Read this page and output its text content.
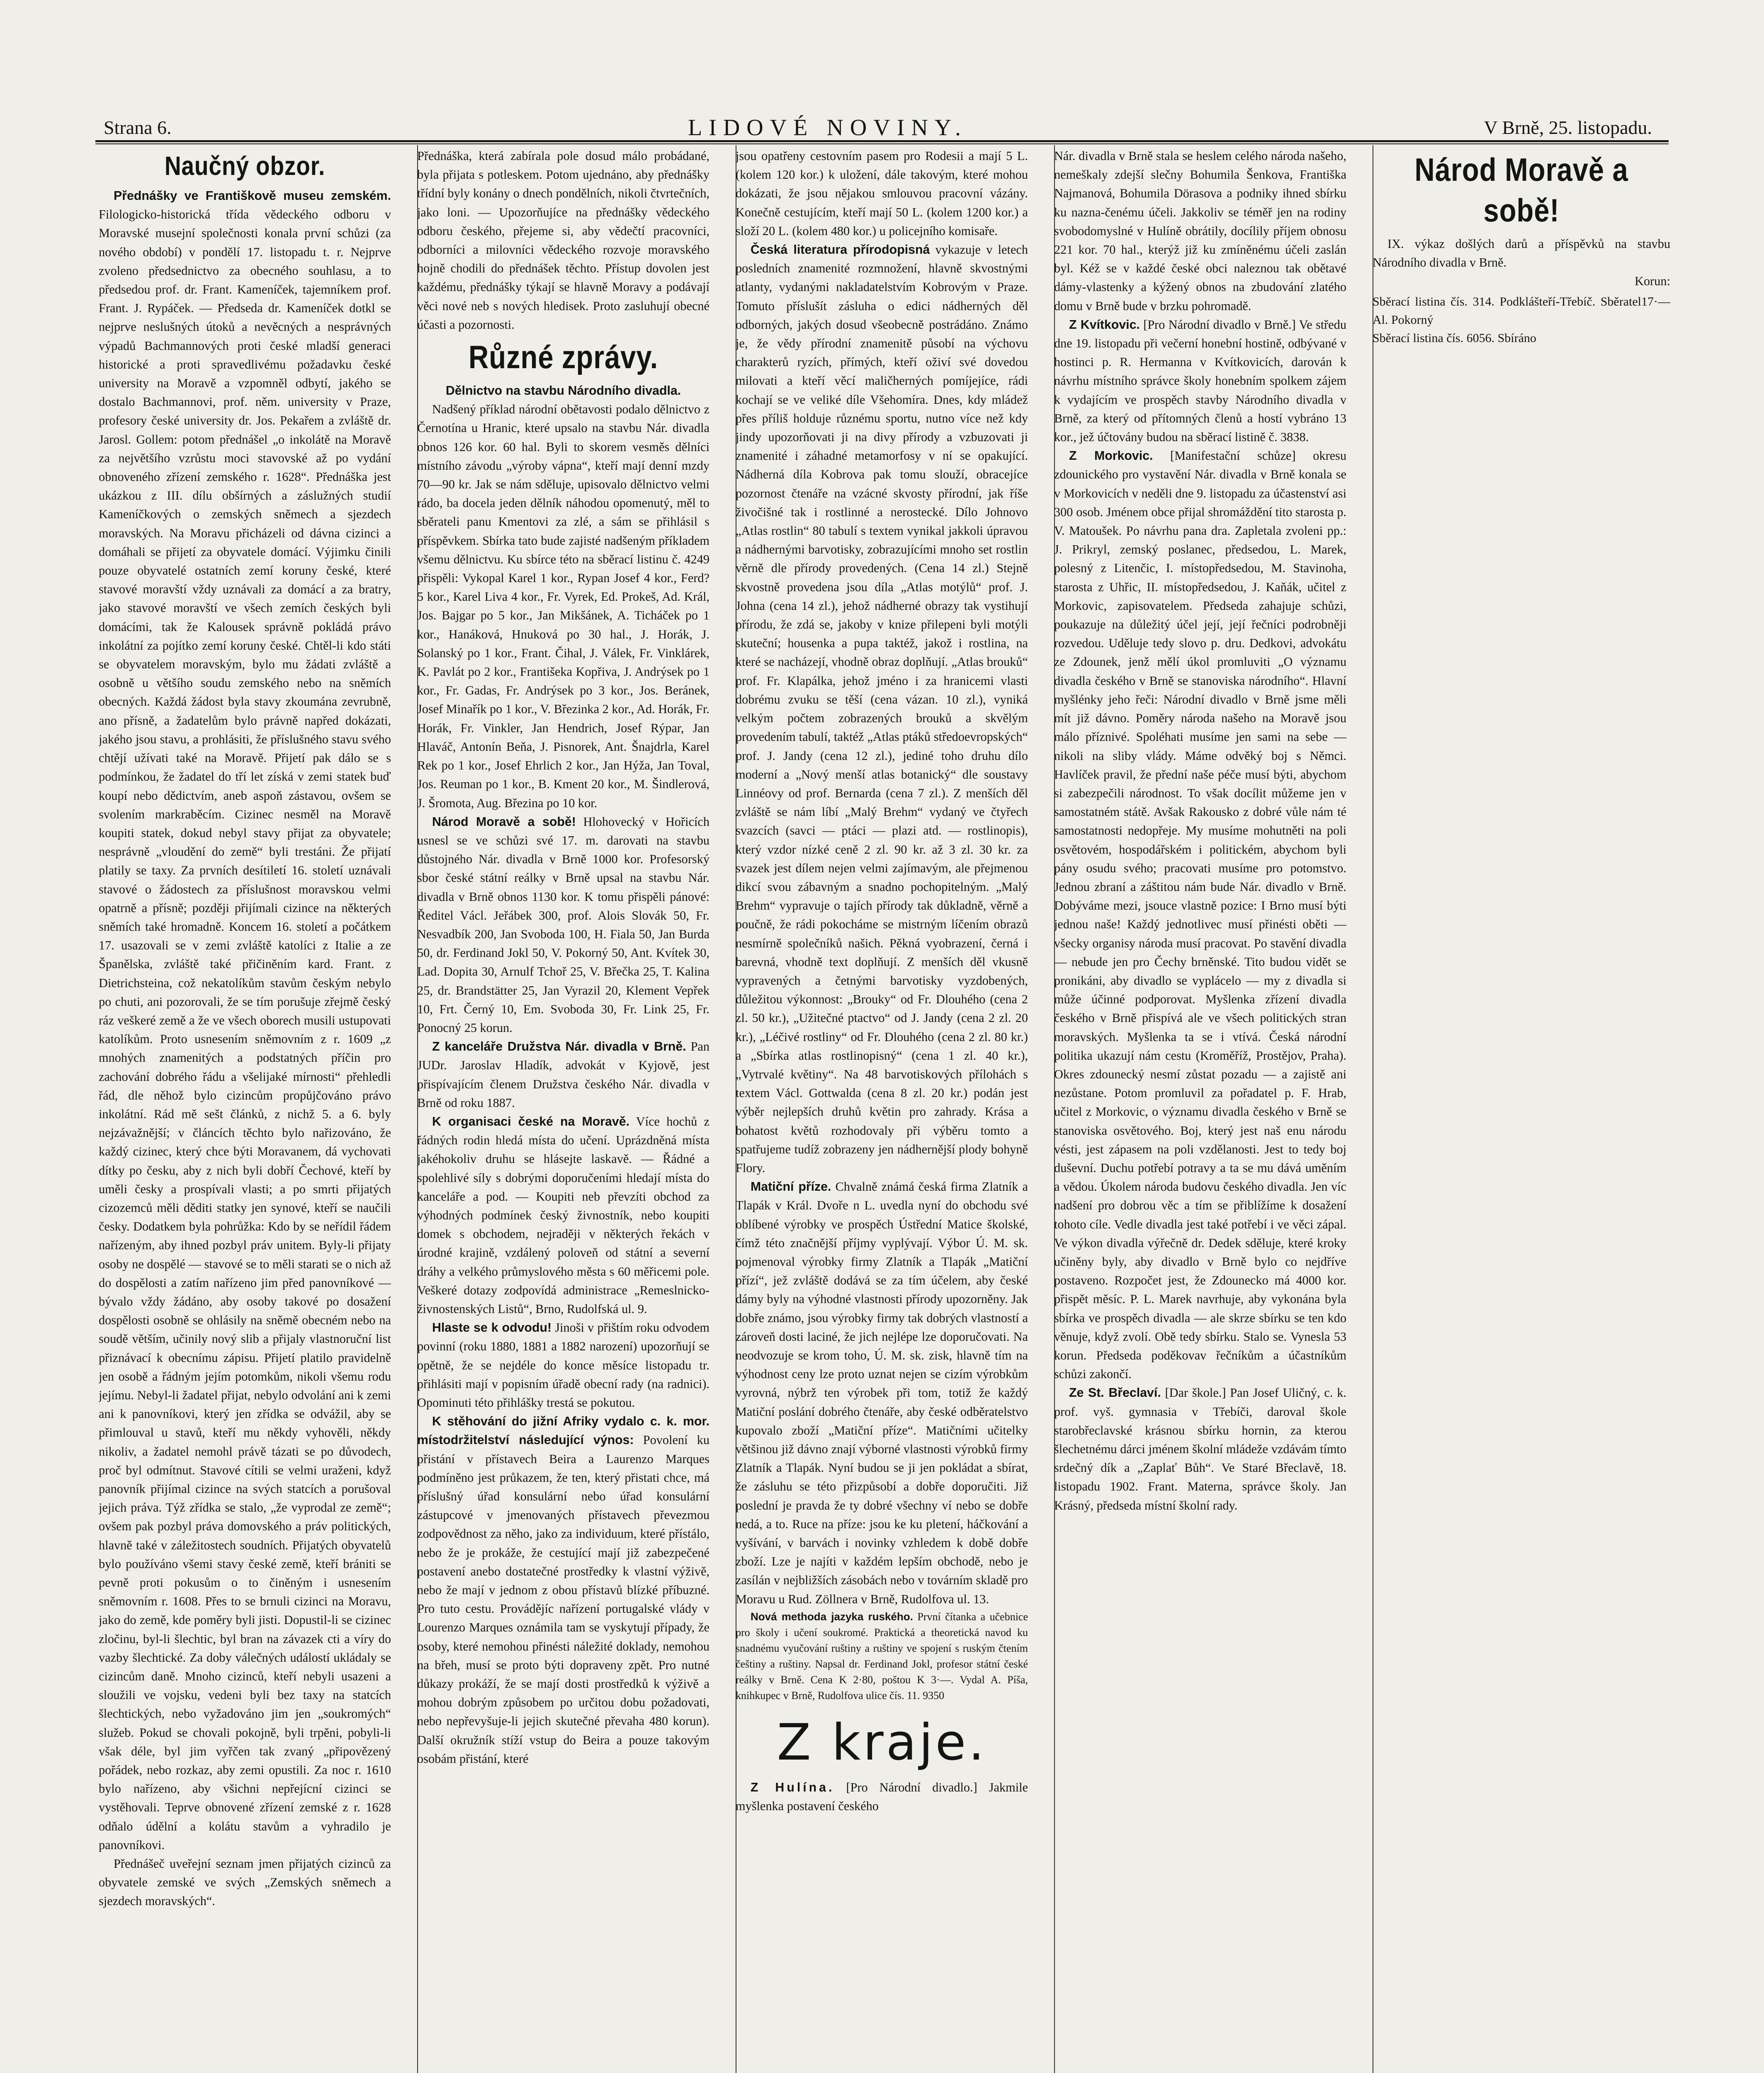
Strana 6.	LIDOVÉ NOVINY.	V Brně, 25. listopadu.
Naučný obzor.

Přednášky ve Františkově museu zemském. Filologicko-historická třída vědeckého odboru v Moravské musejní společnosti konala první schůzi (za nového období) v pondělí 17. listopadu t. r. Nejprve zvoleno předsednictvo za obecného souhlasu, a to předsedou prof. dr. Frant. Kameníček, tajemníkem prof. Frant. J. Rypáček. — Předseda dr. Kameníček dotkl se nejprve neslušných útoků a nevěcných a nesprávných výpadů Bachmannových proti české mladší generaci historické a proti spravedlivému požadavku české university na Moravě a vzpomněl odbytí, jakého se dostalo Bachmannovi, prof. něm. university v Praze, profesory české university dr. Jos. Pekařem a zvláště dr. Jarosl. Gollem: potom přednášel „o inkolátě na Moravě za největšího vzrůstu moci stavovské až po vydání obnoveného zřízení zemského r. 1628“. Přednáška jest ukázkou z III. dílu obšírných a záslužných studií Kameníčkových o zemských sněmech a sjezdech moravských. Na Moravu přicházeli od dávna cizinci a domáhali se přijetí za obyvatele domácí. Výjimku činili pouze obyvatelé ostatních zemí koruny české, které stavové moravští vždy uznávali za domácí a za bratry, jako stavové moravští ve všech zemích českých byli domácími, tak že Kalousek správně pokládá právo inkolátní za pojítko zemí koruny české. Chtěl-li kdo státi se obyvatelem moravským, bylo mu žádati zvláště a osobně u většího soudu zemského nebo na sněmích obecných. Každá žádost byla stavy zkoumána zevrubně, ano přísně, a žadatelům bylo právně napřed dokázati, jakého jsou stavu, a prohlásiti, že příslušného stavu svého chtějí užívati také na Moravě. Přijetí pak dálo se s podmínkou, že žadatel do tří let získá v zemi statek buď koupí nebo dědictvím, aneb aspoň zástavou, ovšem se svolením markraběcím. Cizinec nesměl na Moravě koupiti statek, dokud nebyl stavy přijat za obyvatele; nesprávně „vloudění do země“ byli trestáni. Že přijatí platily se taxy. Za prvních desítiletí 16. století uznávali stavové o žádostech za příslušnost moravskou velmi opatrně a přísně; později přijímali cizince na některých sněmích také hromadně. Koncem 16. století a počátkem 17. usazovali se v zemi zvláště katolíci z Italie a ze Španělska, zvláště také přičiněním kard. Frant. z Dietrichsteina, což nekatolíkům stavům českým nebylo po chuti, ani pozorovali, že se tím porušuje zřejmě český ráz veškeré země a že ve všech oborech musili ustupovati katolíkům. Proto usnesením sněmovním z r. 1609 „z mnohých znamenitých a podstatných příčin pro zachování dobrého řádu a všelijaké mírnosti“ přehledli řád, dle něhož bylo cizincům propůjčováno právo inkolátní. Rád mě sešt článků, z nichž 5. a 6. byly nejzávažnější; v článcích těchto bylo nařizováno, že každý cizinec, který chce býti Moravanem, dá vychovati dítky po česku, aby z nich byli dobří Čechové, kteří by uměli česky a prospívali vlasti; a po smrti přijatých cizozemců měli děditi statky jen synové, kteří se naučili česky. Dodatkem byla pohrůžka: Kdo by se neřídil řádem nařízeným, aby ihned pozbyl práv unitem. Byly-li přijaty osoby ne dospělé — stavové se to měli starati se o nich až do dospělosti a zatím nařízeno jim před panovníkové — bývalo vždy žádáno, aby osoby takové po dosažení dospělosti osobně se ohlásily na sněmě obecném nebo na soudě větším, učinily nový slib a přijaly vlastnoruční list přiznávací k obecnímu zápisu. Přijetí platilo pravidelně jen osobě a řádným jejím potomkům, nikoli všemu rodu jejímu. Nebyl-li žadatel přijat, nebylo odvolání ani k zemi ani k panovníkovi, který jen zřídka se odvážil, aby se přimlouval u stavů, kteří mu někdy vyhověli, někdy nikoliv, a žadatel nemohl právě tázati se po důvodech, proč byl odmítnut. Stavové cítili se velmi uraženi, když panovník přijímal cizince na svých statcích a porušoval jejich práva. Týž zřídka se stalo, „že vyprodal ze země“; ovšem pak pozbyl práva domovského a práv politických, hlavně také v záležitostech soudních. Přijatých obyvatelů bylo používáno všemi stavy české země, kteří brániti se pevně proti pokusům o to činěným i usnesením sněmovním r. 1608. Přes to se brnuli cizinci na Moravu, jako do země, kde poměry byli jisti. Dopustil-li se cizinec zločinu, byl-li šlechtic, byl bran na závazek cti a víry do vazby šlechtické. Za doby válečných událostí ukládaly se cizincům daně. Mnoho cizinců, kteří nebyli usazeni a sloužili ve vojsku, vedeni byli bez taxy na statcích šlechtických, nebo vyžadováno jim jen „soukromých“ služeb. Pokud se chovali pokojně, byli trpěni, pobyli-li však déle, byl jim vyřčen tak zvaný „připovězený pořádek, nebo rozkaz, aby zemi opustili. Za noc r. 1610 bylo nařízeno, aby všichni nepřejícní cizinci se vystěhovali. Teprve obnovené zřízení zemské z r. 1628 odňalo údělní a kolátu stavům a vyhradilo je panovníkovi.

Přednášeč uveřejní seznam jmen přijatých cizinců za obyvatele zemské ve svých „Zemských sněmech a sjezdech moravských“.

Přednáška, která zabírala pole dosud málo probádané, byla přijata s potleskem. Potom ujednáno, aby přednášky třídní byly konány o dnech pondělních, nikoli čtvrtečních, jako loni. — Upozorňujíce na přednášky vědeckého odboru českého, přejeme si, aby vědečtí pracovníci, odborníci a milovníci vědeckého rozvoje moravského hojně chodili do přednášek těchto. Přístup dovolen jest každému, přednášky týkají se hlavně Moravy a podávají věci nové neb s nových hledisek. Proto zasluhují obecné účasti a pozornosti.

Různé zprávy.

Dělnictvo na stavbu Národního divadla.

Nadšený příklad národní obětavosti podalo dělnictvo z Černotína u Hranic, které upsalo na stavbu Nár. divadla obnos 126 kor. 60 hal. Byli to skorem vesměs dělníci místního závodu „výroby vápna“, kteří mají denní mzdy 70—90 kr. Jak se nám sděluje, upisovalo dělnictvo velmi rádo, ba docela jeden dělník náhodou opomenutý, měl to sběrateli panu Kmentovi za zlé, a sám se přihlásil s příspěvkem. Sbírka tato bude zajisté nadšeným příkladem všemu dělnictvu. Ku sbírce této na sběrací listinu č. 4249 přispěli: Vykopal Karel 1 kor., Rypan Josef 4 kor., Ferd? 5 kor., Karel Liva 4 kor., Fr. Vyrek, Ed. Prokeš, Ad. Král, Jos. Bajgar po 5 kor., Jan Mikšánek, A. Ticháček po 1 kor., Hanáková, Hnuková po 30 hal., J. Horák, J. Solanský po 1 kor., Frant. Čihal, J. Válek, Fr. Vinklárek, K. Pavlát po 2 kor., Františeka Kopřiva, J. Andrýsek po 1 kor., Fr. Gadas, Fr. Andrýsek po 3 kor., Jos. Beránek, Josef Minařík po 1 kor., V. Březinka 2 kor., Ad. Horák, Fr. Horák, Fr. Vinkler, Jan Hendrich, Josef Rýpar, Jan Hlaváč, Antonín Beňa, J. Pisnorek, Ant. Šnajdrla, Karel Rek po 1 kor., Josef Ehrlich 2 kor., Jan Hýža, Jan Toval, Jos. Reuman po 1 kor., B. Kment 20 kor., M. Šindlerová, J. Šromota, Aug. Březina po 10 kor.

Národ Moravě a sobě! Hlohovecký v Hořicích usnesl se ve schůzi své 17. m. darovati na stavbu důstojného Nár. divadla v Brně 1000 kor. Profesorský sbor české státní reálky v Brně upsal na stavbu Nár. divadla v Brně obnos 1130 kor. K tomu přispěli pánové: Ředitel Václ. Jeřábek 300, prof. Alois Slovák 50, Fr. Nesvadbík 200, Jan Svoboda 100, H. Fiala 50, Jan Burda 50, dr. Ferdinand Jokl 50, V. Pokorný 50, Ant. Kvítek 30, Lad. Dopita 30, Arnulf Tchoř 25, V. Břečka 25, T. Kalina 25, dr. Brandstätter 25, Jan Vyrazil 20, Klement Vepřek 10, Frt. Černý 10, Em. Svoboda 30, Fr. Link 25, Fr. Ponocný 25 korun.

Z kanceláře Družstva Nár. divadla v Brně. Pan JUDr. Jaroslav Hladík, advokát v Kyjově, jest přispívajícím členem Družstva českého Nár. divadla v Brně od roku 1887.

K organisaci české na Moravě. Více hochů z řádných rodin hledá místa do učení. Uprázdněná místa jakéhokoliv druhu se hlásejte laskavě. — Řádné a spolehlivé síly s dobrými doporučeními hledají místa do kanceláře a pod. — Koupiti neb převzíti obchod za výhodných podmínek český živnostník, nebo koupiti domek s obchodem, nejraději v některých řekách v úrodné krajině, vzdálený poloveň od státní a severní dráhy a velkého průmyslového města s 60 měřicemi pole. Veškeré dotazy zodpovídá administrace „Remeslnicko-živnostenských Listů“, Brno, Rudolfská ul. 9.

Hlaste se k odvodu! Jinoši v přištím roku odvodem povinní (roku 1880, 1881 a 1882 narození) upozorňují se opětně, že se nejdéle do konce měsíce listopadu tr. přihlásiti mají v popisním úřadě obecní rady (na radnici). Opominuti této přihlášky trestá se pokutou.

K stěhování do jižní Afriky vydalo c. k. mor. místodržitelství následující výnos: Povolení ku přistání v přístavech Beira a Laurenzo Marques podmíněno jest průkazem, že ten, který přistati chce, má příslušný úřad konsulární nebo úřad konsulární zástupcové v jmenovaných přístavech převezmou zodpovědnost za něho, jako za individuum, které přístálo, nebo že je prokáže, že cestující mají již zabezpečené postavení anebo dostatečné prostředky k vlastní výživě, nebo že mají v jednom z obou přístavů blízké příbuzné. Pro tuto cestu. Provádějíc nařízení portugalské vlády v Lourenzo Marques oznámila tam se vyskytují případy, že osoby, které nemohou přinésti náležité doklady, nemohou na břeh, musí se proto býti dopraveny zpět. Pro nutné důkazy prokáží, že se mají dosti prostředků k výživě a mohou dobrým způsobem po určitou dobu požadovati, nebo nepřevyšuje-li jejich skutečné převaha 480 korun). Další okružník stíží vstup do Beira a pouze takovým osobám přistání, které

jsou opatřeny cestovním pasem pro Rodesii a mají 5 L. (kolem 120 kor.) k uložení, dále takovým, které mohou dokázati, že jsou nějakou smlouvou pracovní vázány. Konečně cestujícím, kteří mají 50 L. (kolem 1200 kor.) a složí 20 L. (kolem 480 kor.) u policejního komisaře.

Česká literatura přírodopisná vykazuje v letech posledních znamenité rozmnožení, hlavně skvostnými atlanty, vydanými nakladatelstvím Kobrovým v Praze. Tomuto příslušít zásluha o edici nádherných děl odborných, jakých dosud všeobecně postrádáno. Známo je, že vědy přírodní znamenitě působí na výchovu charakterů ryzích, přímých, kteří oživí své dovedou milovati a kteří věcí maličherných pomíjejíce, rádi kochají se ve veliké díle Všehomíra. Dnes, kdy mládež přes příliš holduje různému sportu, nutno více než kdy jindy upozorňovati ji na divy přírody a vzbuzovati ji znamenité i záhadné metamorfosy v ní se opakující. Nádherná díla Kobrova pak tomu slouží, obracejíce pozornost čtenáře na vzácné skvosty přírodní, jak říše živočišné tak i rostlinné a nerostecké. Dílo Johnovo „Atlas rostlin“ 80 tabulí s textem vynikal jakkoli úpravou a nádhernými barvotisky, zobrazujícími mnoho set rostlin věrně dle přírody provedených. (Cena 14 zl.) Stejně skvostně provedena jsou díla „Atlas motýlů“ prof. J. Johna (cena 14 zl.), jehož nádherné obrazy tak vystihují přírodu, že zdá se, jakoby v knize přilepeni byli motýli skuteční; housenka a pupa taktéž, jakož i rostlina, na které se nacházejí, vhodně obraz doplňují. „Atlas brouků“ prof. Fr. Klapálka, jehož jméno i za hranicemi vlasti dobrému zvuku se těší (cena vázan. 10 zl.), vyniká velkým počtem zobrazených brouků a skvělým provedením tabulí, taktéž „Atlas ptáků středoevropských“ prof. J. Jandy (cena 12 zl.), jediné toho druhu dílo moderní a „Nový menší atlas botanický“ dle soustavy Linnéovy od prof. Bernarda (cena 7 zl.). Z menších děl zvláště se nám líbí „Malý Brehm“ vydaný ve čtyřech svazcích (savci — ptáci — plazi atd. — rostlinopis), který vzdor nízké ceně 2 zl. 90 kr. až 3 zl. 30 kr. za svazek jest dílem nejen velmi zajímavým, ale přejmenou dikcí svou zábavným a snadno pochopitelným. „Malý Brehm“ vypravuje o tajích přírody tak důkladně, věrně a poučně, že rádi pokocháme se mistrným líčením obrazů nesmírně společníků našich. Pěkná vyobrazení, černá i barevná, vhodně text doplňují. Z menších děl vkusně vypravených a četnými barvotisky vyzdobených, důležitou výkonnost: „Brouky“ od Fr. Dlouhého (cena 2 zl. 50 kr.), „Užitečné ptactvo“ od J. Jandy (cena 2 zl. 20 kr.), „Léčivé rostliny“ od Fr. Dlouhého (cena 2 zl. 80 kr.) a „Sbírka atlas rostlinopisný“ (cena 1 zl. 40 kr.), „Vytrvalé květiny“. Na 48 barvotiskových přílohách s textem Václ. Gottwalda (cena 8 zl. 20 kr.) podán jest výběr nejlepších druhů květin pro zahrady. Krása a bohatost květů rozhodovaly při výběru tomto a spatřujeme tudíž zobrazeny jen nádhernější plody bohyně Flory.

Matiční příze. Chvalně známá česká firma Zlatník a Tlapák v Král. Dvoře n L. uvedla nyní do obchodu své oblíbené výrobky ve prospěch Ústřední Matice školské, čímž této značnější příjmy vyplývají. Výbor Ú. M. sk. pojmenoval výrobky firmy Zlatník a Tlapák „Matiční přízí“, jež zvláště dodává se za tím účelem, aby české dámy byly na výhodné vlastnosti přírody upozorněny. Jak dobře známo, jsou výrobky firmy tak dobrých vlastností a zároveň dosti laciné, že jich nejlépe lze doporučovati. Na neodvozuje se krom toho, Ú. M. sk. zisk, hlavně tím na výhodnost ceny lze proto uznat nejen se cizím výrobkům vyrovná, nýbrž ten výrobek při tom, totiž že každý Matiční poslání dobrého čtenáře, aby české odběratelstvo kupovalo zboží „Matiční příze“. Matičními učitelky většinou již dávno znají výborné vlastnosti výrobků firmy Zlatník a Tlapák. Nyní budou se ji jen pokládat a sbírat, že zásluhu se této přizpůsobí a dobře doporučiti. Již poslední je pravda že ty dobré všechny ví nebo se dobře nedá, a to. Ruce na příze: jsou ke ku pletení, háčkování a vyšívání, v barvách i novinky vzhledem k době dobře zboží. Lze je najíti v každém lepším obchodě, nebo je zasílán v nejbližších zásobách nebo v továrním skladě pro Moravu u Rud. Zöllnera v Brně, Rudolfova ul. 13.

Nová methoda jazyka ruského. První čítanka a učebnice pro školy i učení soukromé. Praktická a theoretická navod ku snadnému vyučování ruštiny a ruštiny ve spojení s ruským čtením češtiny a ruštiny. Napsal dr. Ferdinand Jokl, profesor státní české reálky v Brně. Cena K 2·80, poštou K 3·—. Vydal A. Píša, knihkupec v Brně, Rudolfova ulice čís. 11. 9350

Z kraje.

Z Hulína. [Pro Národní divadlo.] Jakmile myšlenka postavení českého

Nár. divadla v Brně stala se heslem celého národa našeho, nemeškaly zdejší slečny Bohumila Šenkova, Františka Najmanová, Bohumila Dörasova a podniky ihned sbírku ku nazna-čenému účeli. Jakkoliv se téměř jen na rodiny svobodomyslné v Hulíně obrátily, docílily příjem obnosu 221 kor. 70 hal., kterýž již ku zmíněnému účeli zaslán byl. Kéž se v každé české obci naleznou tak obětavé dámy-vlastenky a kýžený obnos na zbudování zlatého domu v Brně bude v brzku pohromadě.

Z Kvítkovic. [Pro Národní divadlo v Brně.] Ve středu dne 19. listopadu při večerní honební hostině, odbývané v hostinci p. R. Hermanna v Kvítkovicích, darován k návrhu místního správce školy honebním spolkem zájem k vydajícím ve prospěch stavby Národního divadla v Brně, za který od přítomných členů a hostí vybráno 13 kor., jež účtovány budou na sběrací listině č. 3838.

Z Morkovic. [Manifestační schůze] okresu zdounického pro vystavění Nár. divadla v Brně konala se v Morkovicích v neděli dne 9. listopadu za účastenství asi 300 osob. Jménem obce přijal shromáždění tito starosta p. V. Matoušek. Po návrhu pana dra. Zapletala zvoleni pp.: J. Prikryl, zemský poslanec, předsedou, L. Marek, polesný z Litenčic, I. místopředsedou, M. Stavinoha, starosta z Uhřic, II. místopředsedou, J. Kaňák, učitel z Morkovic, zapisovatelem. Předseda zahajuje schůzi, poukazuje na důležitý účel její, její řečníci podrobněji rozvedou. Uděluje tedy slovo p. dru. Dedkovi, advokátu ze Zdounek, jenž mělí úkol promluviti „O významu divadla českého v Brně se stanoviska národního“. Hlavní myšlénky jeho řeči: Národní divadlo v Brně jsme měli mít již dávno. Poměry národa našeho na Moravě jsou málo příznivé. Spoléhati musíme jen sami na sebe — nikoli na sliby vlády. Máme odvěký boj s Němci. Havlíček pravil, že přední naše péče musí býti, abychom si zabezpečili národnost. To však docílit můžeme jen v samostatném státě. Avšak Rakousko z dobré vůle nám té samostatnosti nedopřeje. My musíme mohutněti na poli osvětovém, hospodářském i politickém, abychom byli pány osudu svého; pracovati musíme pro potomstvo. Jednou zbraní a záštitou nám bude Nár. divadlo v Brně. Dobýváme mezi, jsouce vlastně pozice: I Brno musí býti jednou naše! Každý jednotlivec musí přinésti oběti — všecky organisy národa musí pracovat. Po stavění divadla — nebude jen pro Čechy brněnské. Tito budou vidět se pronikáni, aby divadlo se vyplácelo — my z divadla si může účinné podporovat. Myšlenka zřízení divadla českého v Brně přispívá ale ve všech politických stran moravských. Myšlenka ta se i vtívá. Česká národní politika ukazují nám cestu (Kroměříž, Prostějov, Praha). Okres zdounecký nesmí zůstat pozadu — a zajistě ani nezůstane. Potom promluvil za pořadatel p. F. Hrab, učitel z Morkovic, o významu divadla českého v Brně se stanoviska osvětového. Boj, který jest naš enu národu vésti, jest zápasem na poli vzdělanosti. Jest to tedy boj duševní. Duchu potřebí potravy a ta se mu dává uměním a vědou. Úkolem národa budovu českého divadla. Jen víc nadšení pro dobrou věc a tím se přiblížíme k dosažení tohoto cíle. Vedle divadla jest také potřebí i ve věci zápal. Ve výkon divadla výřečně dr. Dedek sděluje, které kroky učiněny byly, aby divadlo v Brně bylo co nejdříve postaveno. Rozpočet jest, že Zdounecko má 4000 kor. přispět měsíc. P. L. Marek navrhuje, aby vykonána byla sbírka ve prospěch divadla — ale skrze sbírku se ten kdo věnuje, když zvolí. Obě tedy sbírku. Stalo se. Vynesla 53 korun. Předseda poděkovav řečníkům a účastníkům schůzi zakončí.

Ze St. Břeclaví. [Dar škole.] Pan Josef Uličný, c. k. prof. vyš. gymnasia v Třebíči, daroval škole starobřeclavské krásnou sbírku hornin, za kterou šlechetnému dárci jménem školní mládeže vzdávám tímto srdečný dík a „Zaplať Bůh“. Ve Staré Břeclavě, 18. listopadu 1902. Frant. Materna, správce školy. Jan Krásný, předseda místní školní rady.

Národ Moravě a sobě!

IX. výkaz došlých darů a příspěvků na stavbu Národního divadla v Brně.

Korun:

Sběrací listina čís. 314. Podklášteří-Třebíč. Sběratel Al. Pokorný	17·—
Sběrací listina čís. 6056. Sbíráno	
